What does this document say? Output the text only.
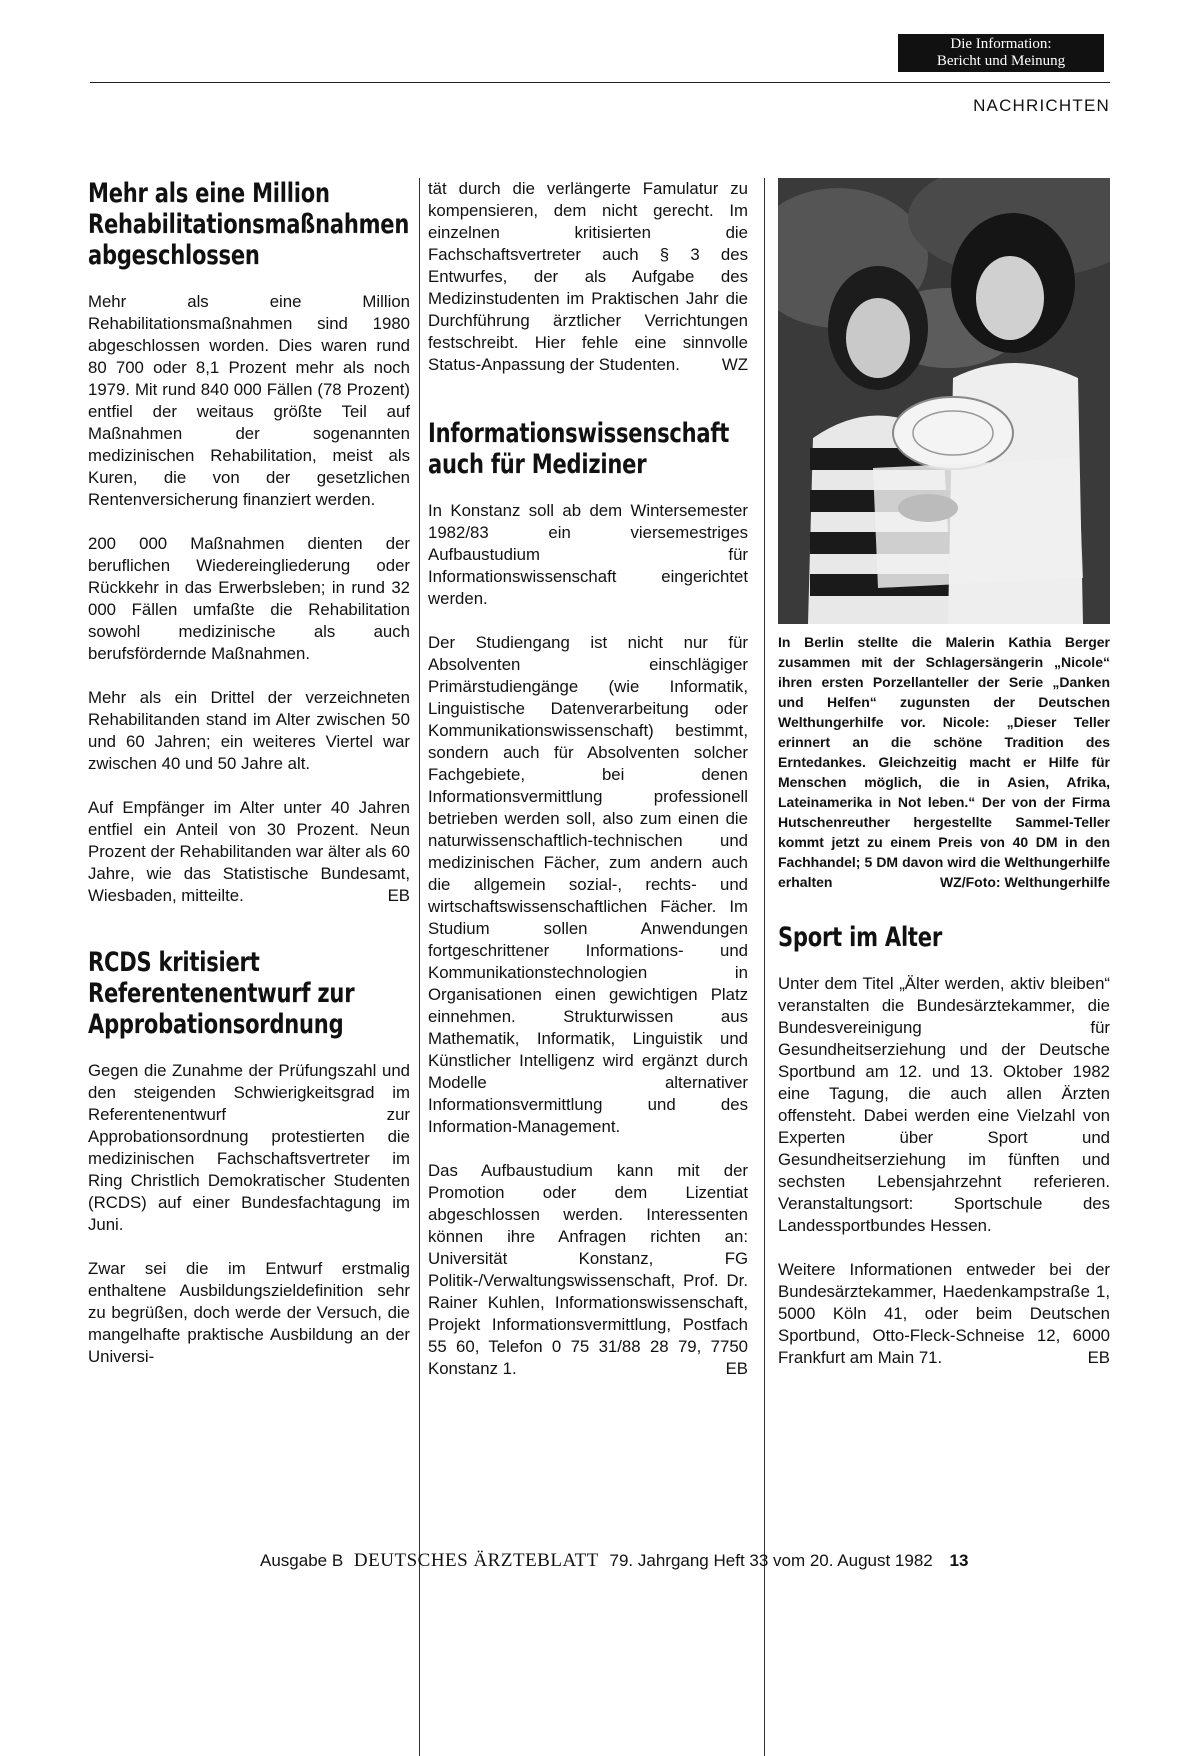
Die Information:
Bericht und Meinung
NACHRICHTEN
Mehr als eine Million Rehabilitationsmaßnahmen abgeschlossen

Mehr als eine Million Rehabilitationsmaßnahmen sind 1980 abgeschlossen worden. Dies waren rund 80 700 oder 8,1 Prozent mehr als noch 1979. Mit rund 840 000 Fällen (78 Prozent) entfiel der weitaus größte Teil auf Maßnahmen der sogenannten medizinischen Rehabilitation, meist als Kuren, die von der gesetzlichen Rentenversicherung finanziert werden.

200 000 Maßnahmen dienten der beruflichen Wiedereingliederung oder Rückkehr in das Erwerbsleben; in rund 32 000 Fällen umfaßte die Rehabilitation sowohl medizinische als auch berufsfördernde Maßnahmen.

Mehr als ein Drittel der verzeichneten Rehabilitanden stand im Alter zwischen 50 und 60 Jahren; ein weiteres Viertel war zwischen 40 und 50 Jahre alt.

Auf Empfänger im Alter unter 40 Jahren entfiel ein Anteil von 30 Prozent. Neun Prozent der Rehabilitanden war älter als 60 Jahre, wie das Statistische Bundesamt, Wiesbaden, mitteilte.	EB

RCDS kritisiert Referentenentwurf zur Approbationsordnung

Gegen die Zunahme der Prüfungszahl und den steigenden Schwierigkeitsgrad im Referentenentwurf zur Approbationsordnung protestierten die medizinischen Fachschaftsvertreter im Ring Christlich Demokratischer Studenten (RCDS) auf einer Bundesfachtagung im Juni.

Zwar sei die im Entwurf erstmalig enthaltene Ausbildungszieldefinition sehr zu begrüßen, doch werde der Versuch, die mangelhafte praktische Ausbildung an der Universi-

tät durch die verlängerte Famulatur zu kompensieren, dem nicht gerecht. Im einzelnen kritisierten die Fachschaftsvertreter auch § 3 des Entwurfes, der als Aufgabe des Medizinstudenten im Praktischen Jahr die Durchführung ärztlicher Verrichtungen festschreibt. Hier fehle eine sinnvolle Status-Anpassung der Studenten.	WZ

Informationswissenschaft auch für Mediziner

In Konstanz soll ab dem Wintersemester 1982/83 ein viersemestriges Aufbaustudium für Informationswissenschaft eingerichtet werden.

Der Studiengang ist nicht nur für Absolventen einschlägiger Primärstudiengänge (wie Informatik, Linguistische Datenverarbeitung oder Kommunikationswissenschaft) bestimmt, sondern auch für Absolventen solcher Fachgebiete, bei denen Informationsvermittlung professionell betrieben werden soll, also zum einen die naturwissenschaftlich-technischen und medizinischen Fächer, zum andern auch die allgemein sozial-, rechts- und wirtschaftswissenschaftlichen Fächer. Im Studium sollen Anwendungen fortgeschrittener Informations- und Kommunikationstechnologien in Organisationen einen gewichtigen Platz einnehmen. Strukturwissen aus Mathematik, Informatik, Linguistik und Künstlicher Intelligenz wird ergänzt durch Modelle alternativer Informationsvermittlung und des Information-Management.

Das Aufbaustudium kann mit der Promotion oder dem Lizentiat abgeschlossen werden. Interessenten können ihre Anfragen richten an: Universität Konstanz, FG Politik-/Verwaltungswissenschaft, Prof. Dr. Rainer Kuhlen, Informationswissenschaft, Projekt Informationsvermittlung, Postfach 55 60, Telefon 0 75 31/88 28 79, 7750 Konstanz 1.	EB

In Berlin stellte die Malerin Kathia Berger zusammen mit der Schlagersängerin „Nicole“ ihren ersten Porzellanteller der Serie „Danken und Helfen“ zugunsten der Deutschen Welthungerhilfe vor. Nicole: „Dieser Teller erinnert an die schöne Tradition des Erntedankes. Gleichzeitig macht er Hilfe für Menschen möglich, die in Asien, Afrika, Lateinamerika in Not leben.“ Der von der Firma Hutschenreuther hergestellte Sammel-Teller kommt jetzt zu einem Preis von 40 DM in den Fachhandel; 5 DM davon wird die Welthungerhilfe erhalten	WZ/Foto: Welthungerhilfe

Sport im Alter

Unter dem Titel „Älter werden, aktiv bleiben“ veranstalten die Bundesärztekammer, die Bundesvereinigung für Gesundheitserziehung und der Deutsche Sportbund am 12. und 13. Oktober 1982 eine Tagung, die auch allen Ärzten offensteht. Dabei werden eine Vielzahl von Experten über Sport und Gesundheitserziehung im fünften und sechsten Lebensjahrzehnt referieren. Veranstaltungsort: Sportschule des Landessportbundes Hessen.

Weitere Informationen entweder bei der Bundesärztekammer, Haedenkampstraße 1, 5000 Köln 41, oder beim Deutschen Sportbund, Otto-Fleck-Schneise 12, 6000 Frankfurt am Main 71.	EB

Ausgabe B DEUTSCHES ÄRZTEBLATT 79. Jahrgang Heft 33 vom 20. August 1982 13
